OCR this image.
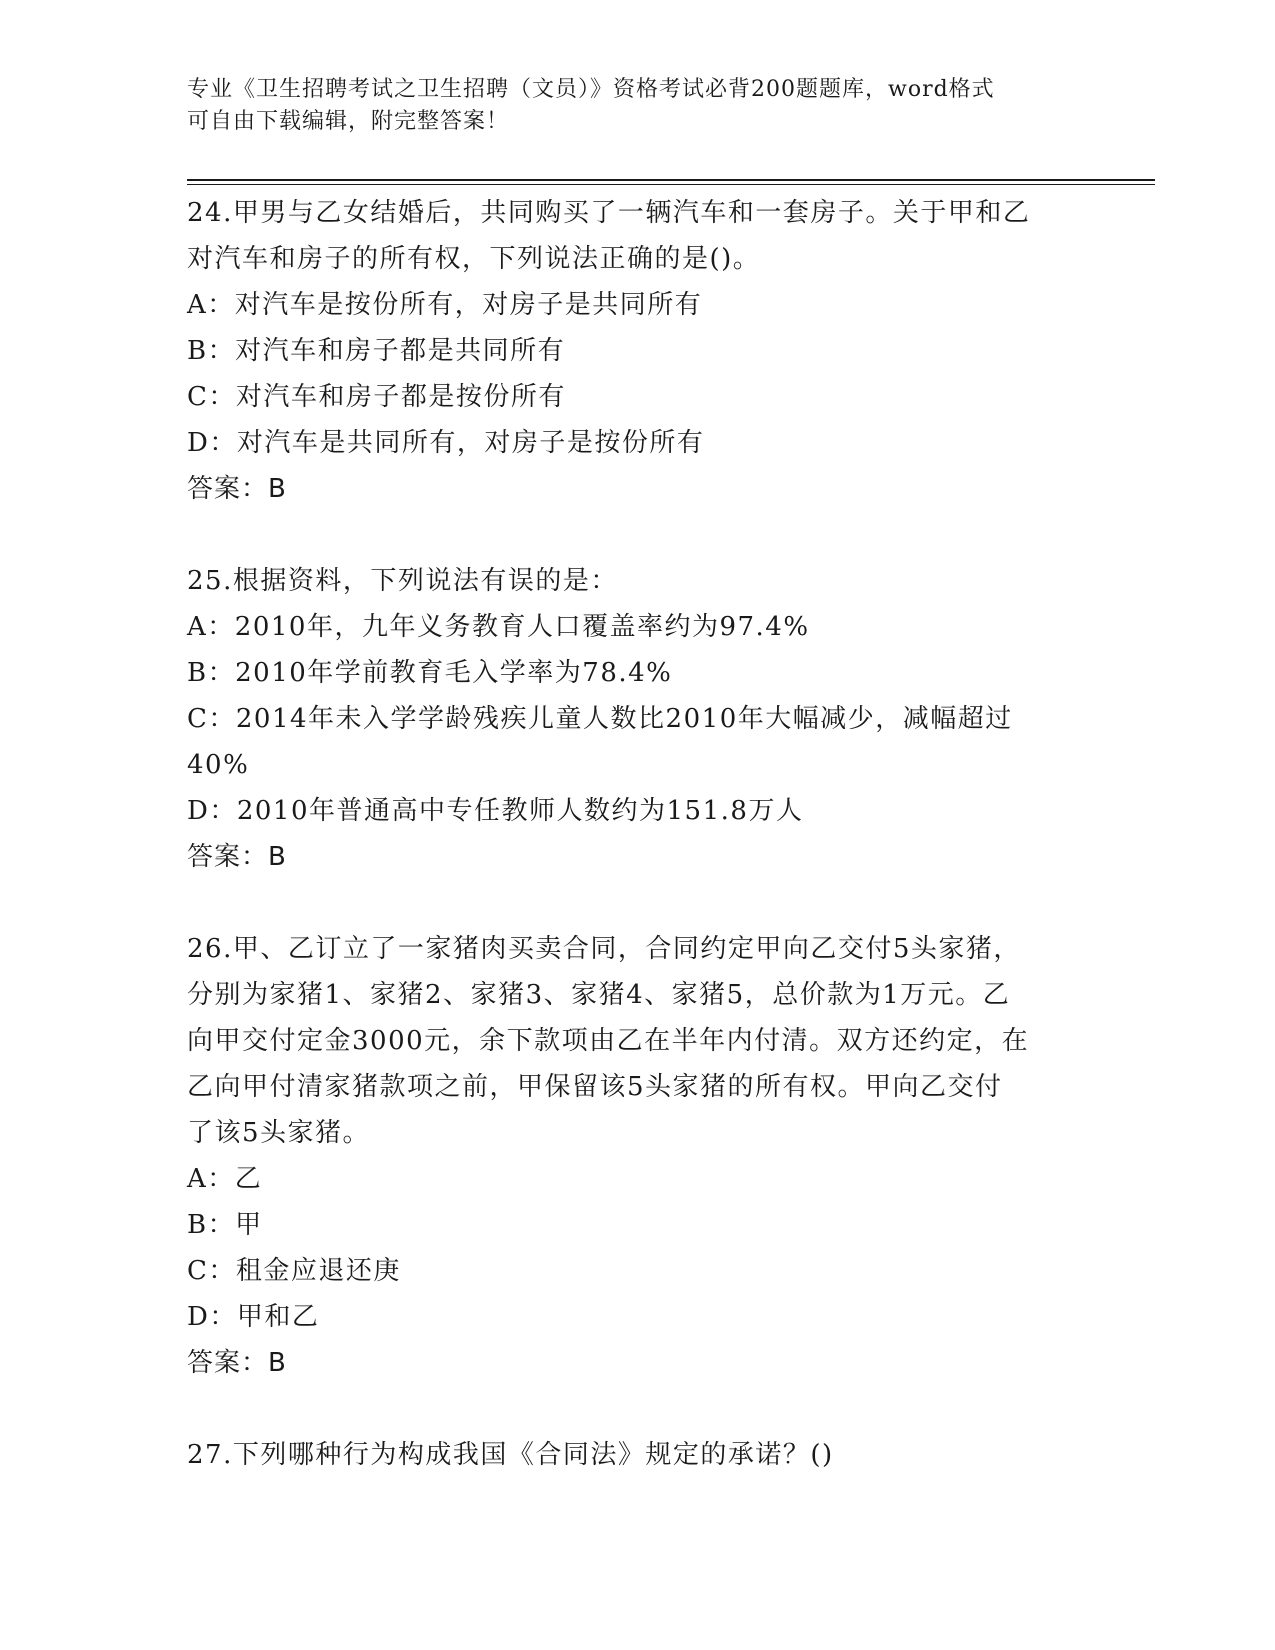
专业《卫生招聘考试之卫生招聘（文员）》资格考试必背200题题库，word格式
可自由下载编辑，附完整答案！
24.甲男与乙女结婚后，共同购买了一辆汽车和一套房子。关于甲和乙
对汽车和房子的所有权，下列说法正确的是()。
A：对汽车是按份所有，对房子是共同所有
B：对汽车和房子都是共同所有
C：对汽车和房子都是按份所有
D：对汽车是共同所有，对房子是按份所有
答案：B
25.根据资料，下列说法有误的是：
A：2010年，九年义务教育人口覆盖率约为97.4%
B：2010年学前教育毛入学率为78.4%
C：2014年未入学学龄残疾儿童人数比2010年大幅减少，减幅超过
40%
D：2010年普通高中专任教师人数约为151.8万人
答案：B
26.甲、乙订立了一家猪肉买卖合同，合同约定甲向乙交付5头家猪，
分别为家猪1、家猪2、家猪3、家猪4、家猪5，总价款为1万元。乙
向甲交付定金3000元，余下款项由乙在半年内付清。双方还约定，在
乙向甲付清家猪款项之前，甲保留该5头家猪的所有权。甲向乙交付
了该5头家猪。
A：乙
B：甲
C：租金应退还庚
D：甲和乙
答案：B
27.下列哪种行为构成我国《合同法》规定的承诺？()
